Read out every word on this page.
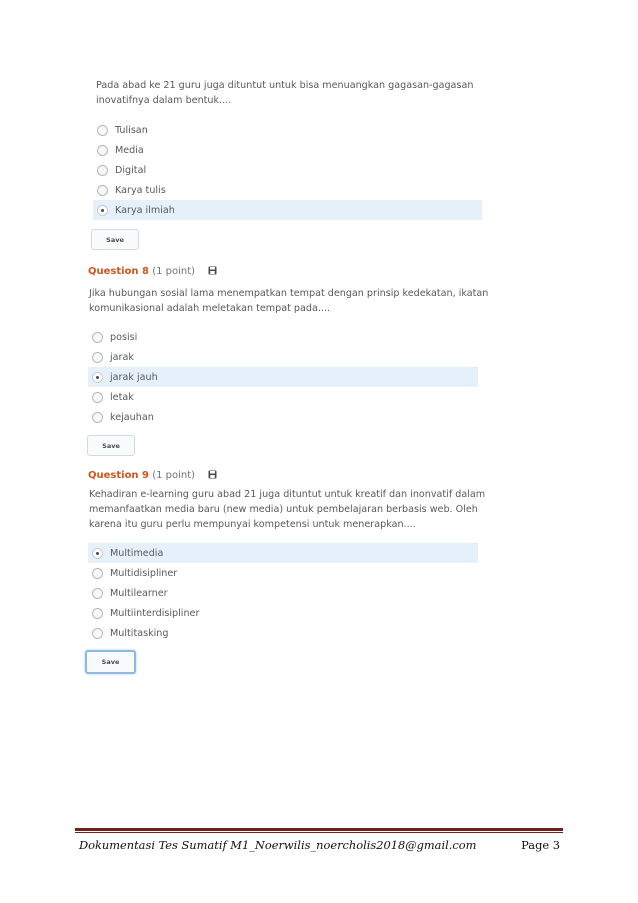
Pada abad ke 21 guru juga dituntut untuk bisa menuangkan gagasan-gagasan
inovatifnya dalam bentuk....
Tulisan
Media
Digital
Karya tulis
Karya ilmiah
Save
Question 8 (1 point)
Jika hubungan sosial lama menempatkan tempat dengan prinsip kedekatan, ikatan
komunikasional adalah meletakan tempat pada....
posisi
jarak
jarak jauh
letak
kejauhan
Save
Question 9 (1 point)
Kehadiran e-learning guru abad 21 juga dituntut untuk kreatif dan inonvatif dalam
memanfaatkan media baru (new media) untuk pembelajaran berbasis web. Oleh
karena itu guru perlu mempunyai kompetensi untuk menerapkan....
Multimedia
Multidisipliner
Multilearner
Multiinterdisipliner
Multitasking
Save
Dokumentasi Tes Sumatif M1_Noerwilis_noercholis2018@gmail.com	Page 3
